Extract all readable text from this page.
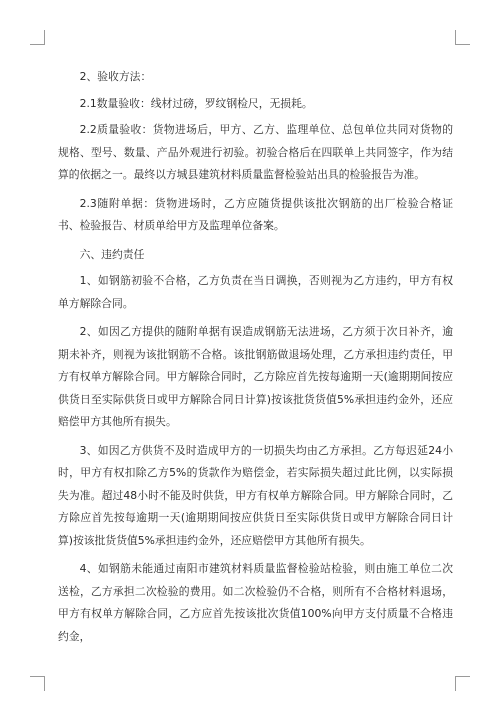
2、验收方法：

2.1数量验收：线材过磅，罗纹钢检尺，无损耗。

2.2质量验收：货物进场后，甲方、乙方、监理单位、总包单位共同对货物的规格、型号、数量、产品外观进行初验。初验合格后在四联单上共同签字，作为结算的依据之一。最终以方城县建筑材料质量监督检验站出具的检验报告为准。

2.3随附单据：货物进场时，乙方应随货提供该批次钢筋的出厂检验合格证书、检验报告、材质单给甲方及监理单位备案。

六、违约责任

1、如钢筋初验不合格，乙方负责在当日调换，否则视为乙方违约，甲方有权单方解除合同。

2、如因乙方提供的随附单据有误造成钢筋无法进场，乙方须于次日补齐，逾期未补齐，则视为该批钢筋不合格。该批钢筋做退场处理，乙方承担违约责任，甲方有权单方解除合同。甲方解除合同时，乙方除应首先按每逾期一天(逾期期间按应供货日至实际供货日或甲方解除合同日计算)按该批货货值5%承担违约金外，还应赔偿甲方其他所有损失。

3、如因乙方供货不及时造成甲方的一切损失均由乙方承担。乙方每迟延24小时，甲方有权扣除乙方5%的货款作为赔偿金，若实际损失超过此比例，以实际损失为准。超过48小时不能及时供货，甲方有权单方解除合同。甲方解除合同时，乙方除应首先按每逾期一天(逾期期间按应供货日至实际供货日或甲方解除合同日计算)按该批货货值5%承担违约金外，还应赔偿甲方其他所有损失。

4、如钢筋未能通过南阳市建筑材料质量监督检验站检验，则由施工单位二次送检，乙方承担二次检验的费用。如二次检验仍不合格，则所有不合格材料退场，甲方有权单方解除合同，乙方应首先按该批次货值100%向甲方支付质量不合格违约金，
